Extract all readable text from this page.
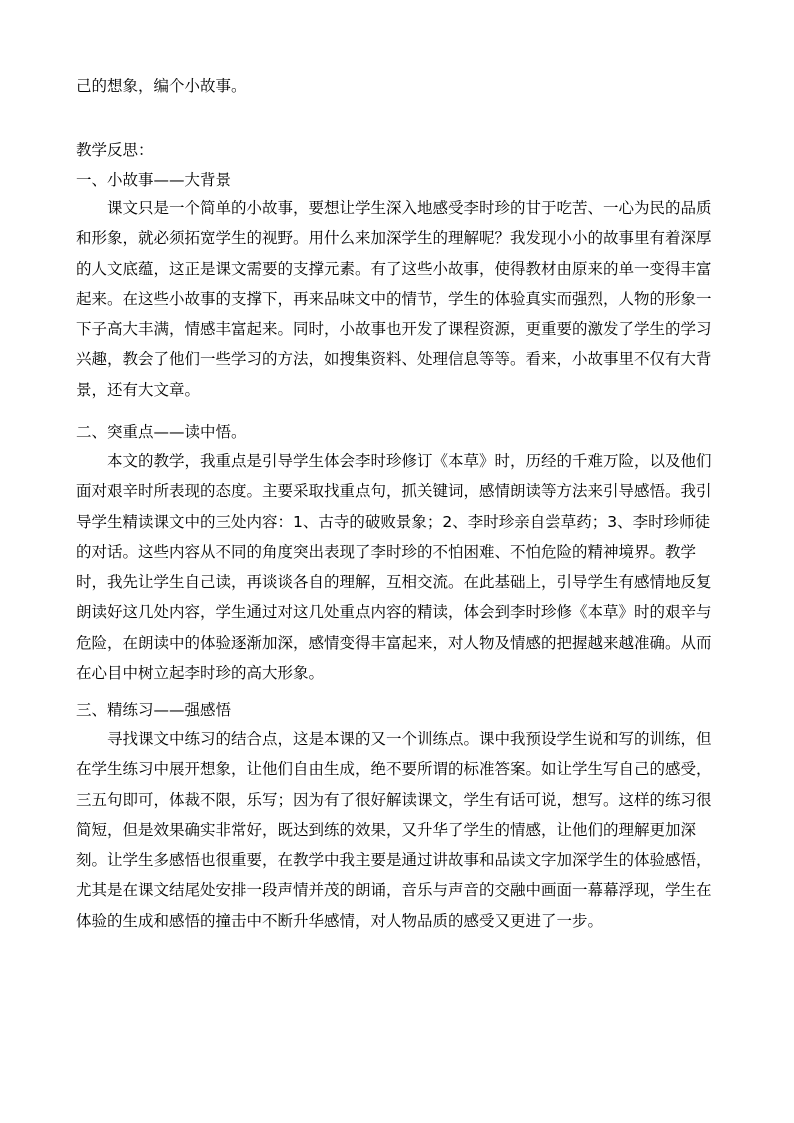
己的想象，编个小故事。
教学反思：
一、小故事——大背景
课文只是一个简单的小故事，要想让学生深入地感受李时珍的甘于吃苦、一心为民的品质和形象，就必须拓宽学生的视野。用什么来加深学生的理解呢？我发现小小的故事里有着深厚的人文底蕴，这正是课文需要的支撑元素。有了这些小故事，使得教材由原来的单一变得丰富起来。在这些小故事的支撑下，再来品味文中的情节，学生的体验真实而强烈，人物的形象一下子高大丰满，情感丰富起来。同时，小故事也开发了课程资源，更重要的激发了学生的学习兴趣，教会了他们一些学习的方法，如搜集资料、处理信息等等。看来，小故事里不仅有大背景，还有大文章。
二、突重点——读中悟。
本文的教学，我重点是引导学生体会李时珍修订《本草》时，历经的千难万险，以及他们面对艰辛时所表现的态度。主要采取找重点句，抓关键词，感情朗读等方法来引导感悟。我引导学生精读课文中的三处内容：1、古寺的破败景象；2、李时珍亲自尝草药；3、李时珍师徒的对话。这些内容从不同的角度突出表现了李时珍的不怕困难、不怕危险的精神境界。教学时，我先让学生自己读，再谈谈各自的理解，互相交流。在此基础上，引导学生有感情地反复朗读好这几处内容，学生通过对这几处重点内容的精读，体会到李时珍修《本草》时的艰辛与危险，在朗读中的体验逐渐加深，感情变得丰富起来，对人物及情感的把握越来越准确。从而在心目中树立起李时珍的高大形象。
三、精练习——强感悟
寻找课文中练习的结合点，这是本课的又一个训练点。课中我预设学生说和写的训练，但在学生练习中展开想象，让他们自由生成，绝不要所谓的标准答案。如让学生写自己的感受，三五句即可，体裁不限，乐写；因为有了很好解读课文，学生有话可说，想写。这样的练习很简短，但是效果确实非常好，既达到练的效果，又升华了学生的情感，让他们的理解更加深刻。让学生多感悟也很重要，在教学中我主要是通过讲故事和品读文字加深学生的体验感悟，尤其是在课文结尾处安排一段声情并茂的朗诵，音乐与声音的交融中画面一幕幕浮现，学生在体验的生成和感悟的撞击中不断升华感情，对人物品质的感受又更进了一步。
